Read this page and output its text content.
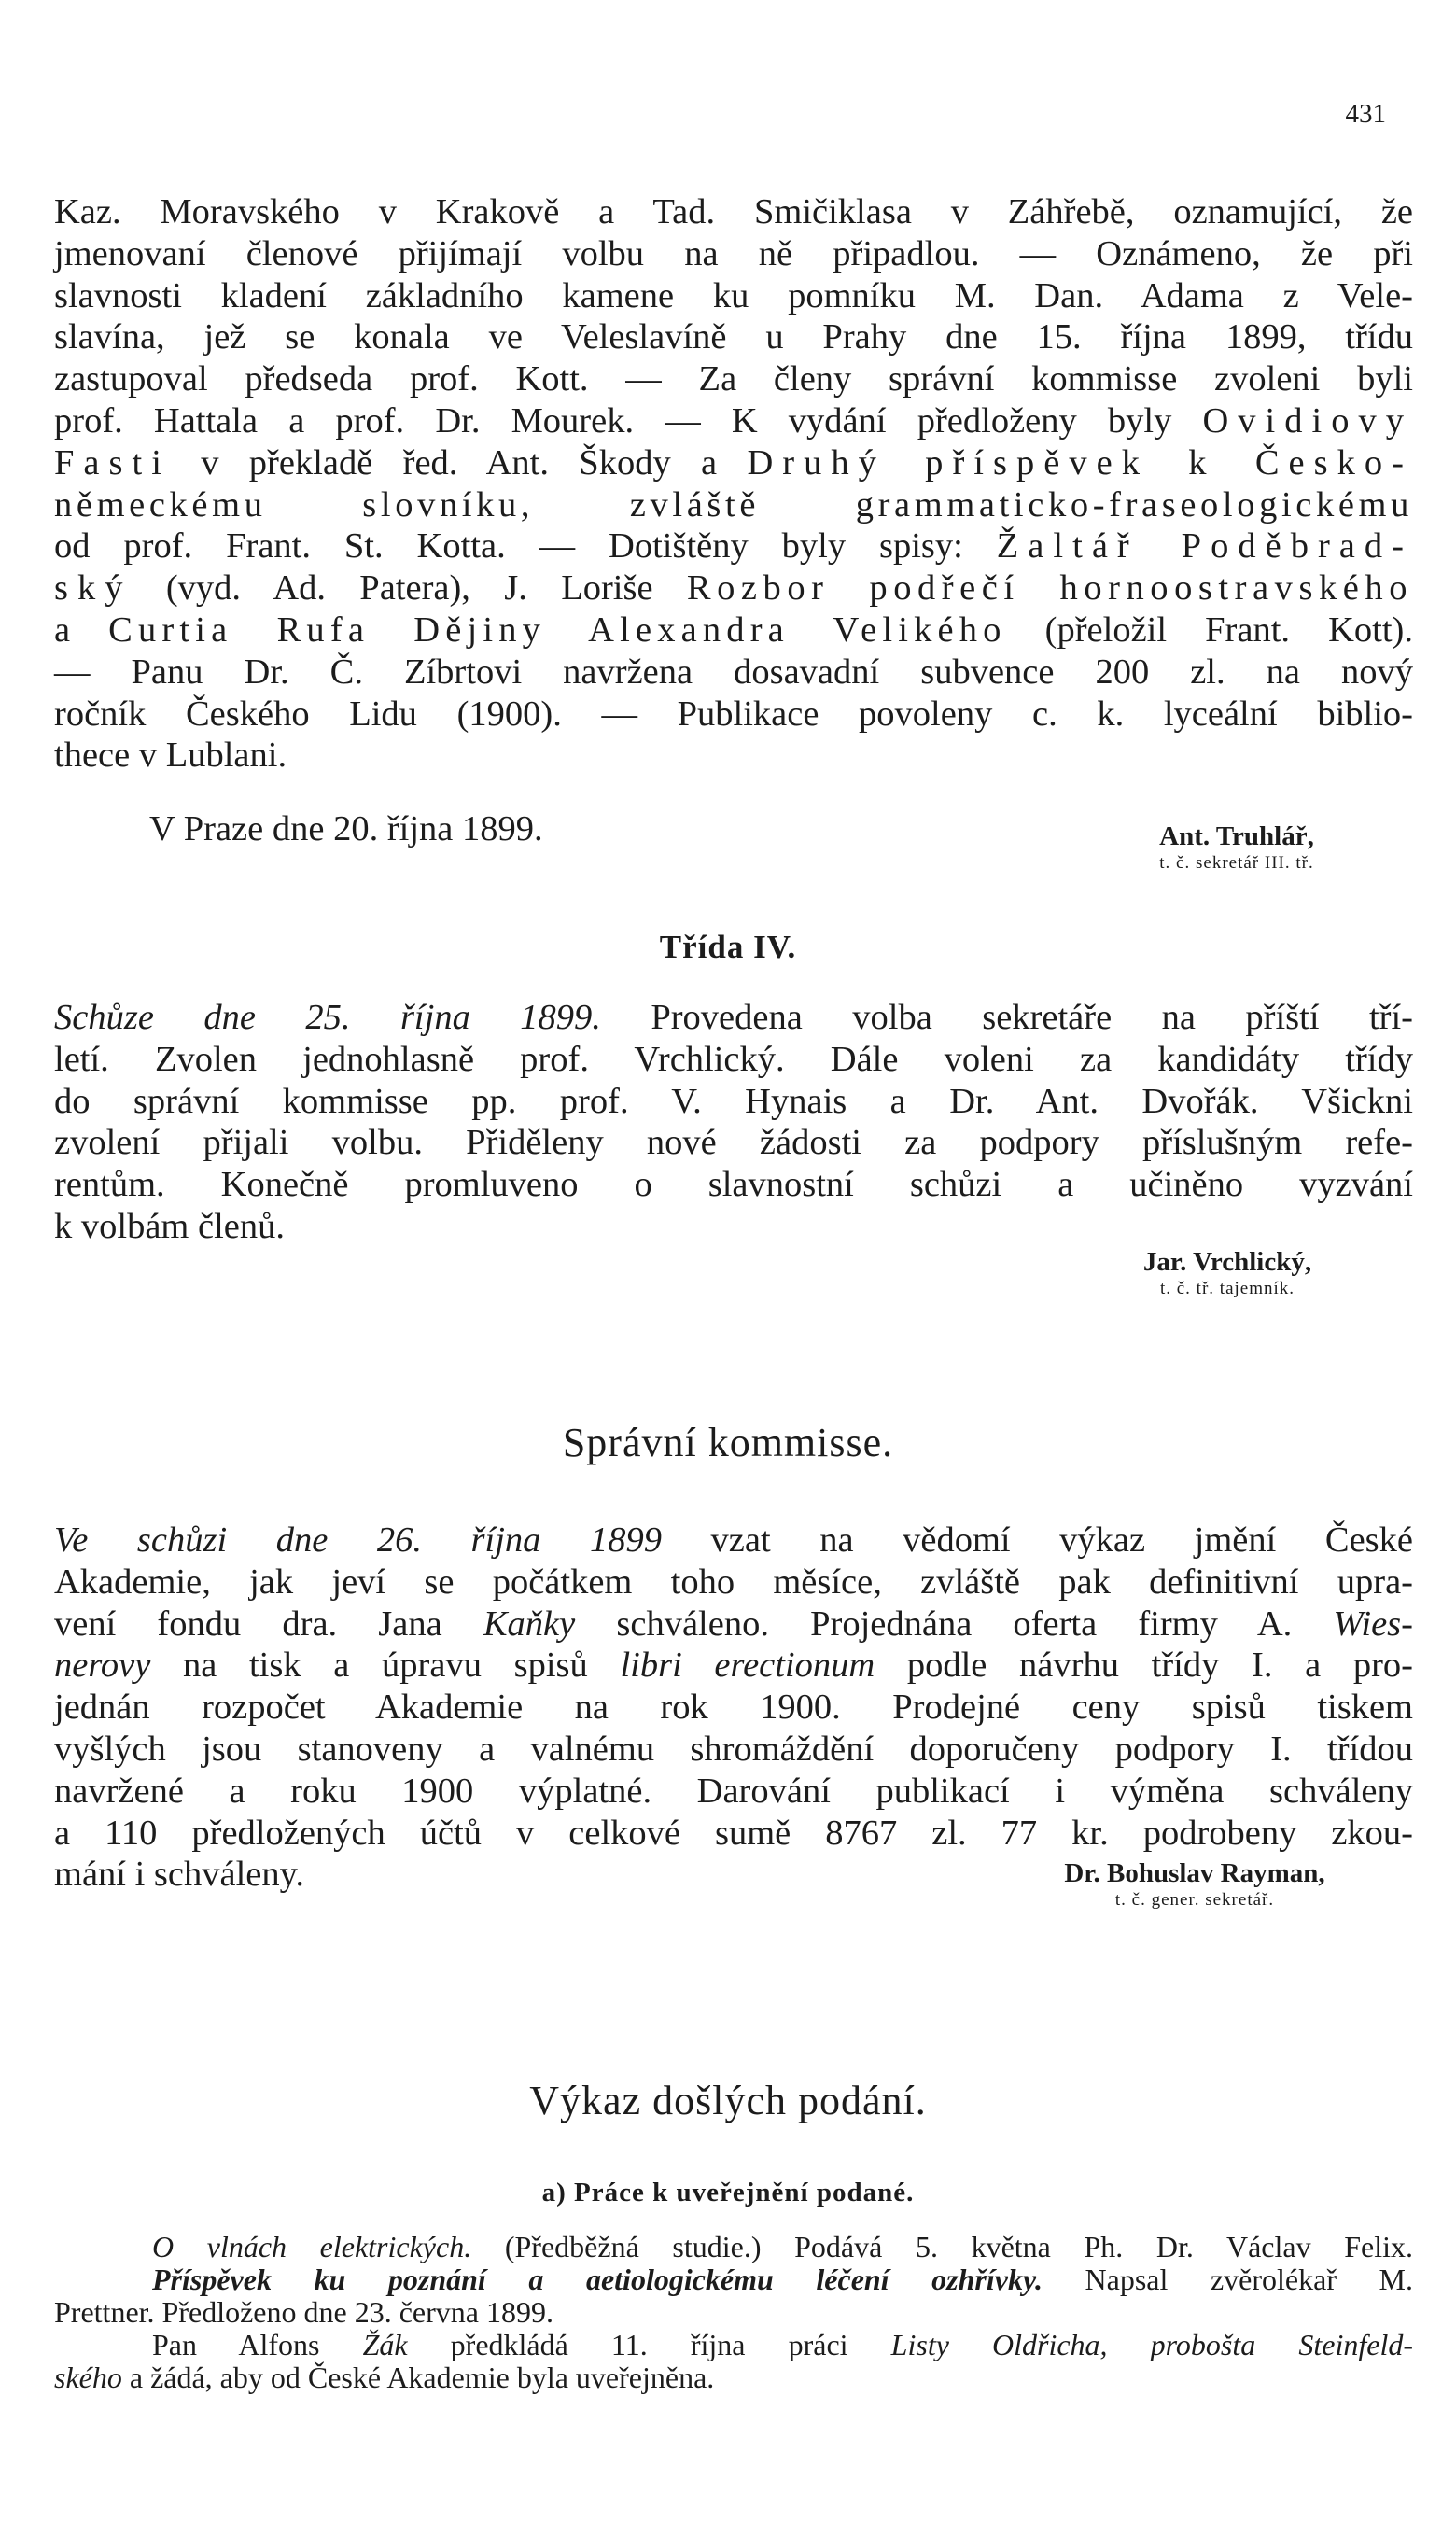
431
Kaz. Moravského v Krakově a Tad. Smičiklasa v Záhřebě, oznamující, že
jmenovaní členové přijímají volbu na ně připadlou. — Oznámeno, že při
slavnosti kladení základního kamene ku pomníku M. Dan. Adama z Vele-
slavína, jež se konala ve Veleslavíně u Prahy dne 15. října 1899, třídu
zastupoval předseda prof. Kott. — Za členy správní kommisse zvoleni byli
prof. Hattala a prof. Dr. Mourek. — K vydání předloženy byly Ovidiovy
Fasti v překladě řed. Ant. Škody a Druhý příspěvek k Česko-
německému slovníku, zvláště grammaticko-fraseologickému
od prof. Frant. St. Kotta. — Dotištěny byly spisy: Žaltář Poděbrad-
ský (vyd. Ad. Patera), J. Loriše Rozbor podřečí hornoostravského
a Curtia Rufa Dějiny Alexandra Velikého (přeložil Frant. Kott).
— Panu Dr. Č. Zíbrtovi navržena dosavadní subvence 200 zl. na nový
ročník Českého Lidu (1900). — Publikace povoleny c. k. lyceální biblio-
thece v Lublani.
V Praze dne 20. října 1899.	Ant. Truhlář,
t. č. sekretář III. tř.
Třída IV.
Schůze dne 25. října 1899. Provedena volba sekretáře na příští tří-
letí. Zvolen jednohlasně prof. Vrchlický. Dále voleni za kandidáty třídy
do správní kommisse pp. prof. V. Hynais a Dr. Ant. Dvořák. Všickni
zvolení přijali volbu. Přiděleny nové žádosti za podpory příslušným refe-
rentům. Konečně promluveno o slavnostní schůzi a učiněno vyzvání
k volbám členů.
Jar. Vrchlický,
t. č. tř. tajemník.
Správní kommisse.
Ve schůzi dne 26. října 1899 vzat na vědomí výkaz jmění České
Akademie, jak jeví se počátkem toho měsíce, zvláště pak definitivní upra-
vení fondu dra. Jana Kaňky schváleno. Projednána oferta firmy A. Wies-
nerovy na tisk a úpravu spisů libri erectionum podle návrhu třídy I. a pro-
jednán rozpočet Akademie na rok 1900. Prodejné ceny spisů tiskem
vyšlých jsou stanoveny a valnému shromáždění doporučeny podpory I. třídou
navržené a roku 1900 výplatné. Darování publikací i výměna schváleny
a 110 předložených účtů v celkové sumě 8767 zl. 77 kr. podrobeny zkou-
mání i schváleny.	Dr. Bohuslav Rayman,
t. č. gener. sekretář.
Výkaz došlých podání.
a) Práce k uveřejnění podané.
O vlnách elektrických. (Předběžná studie.) Podává 5. května Ph. Dr. Václav Felix.
Příspěvek ku poznání a aetiologickému léčení ozhřívky. Napsal zvěrolékař M.
Prettner. Předloženo dne 23. června 1899.
Pan Alfons Žák předkládá 11. října práci Listy Oldřicha, probošta Steinfeld-
ského a žádá, aby od České Akademie byla uveřejněna.
